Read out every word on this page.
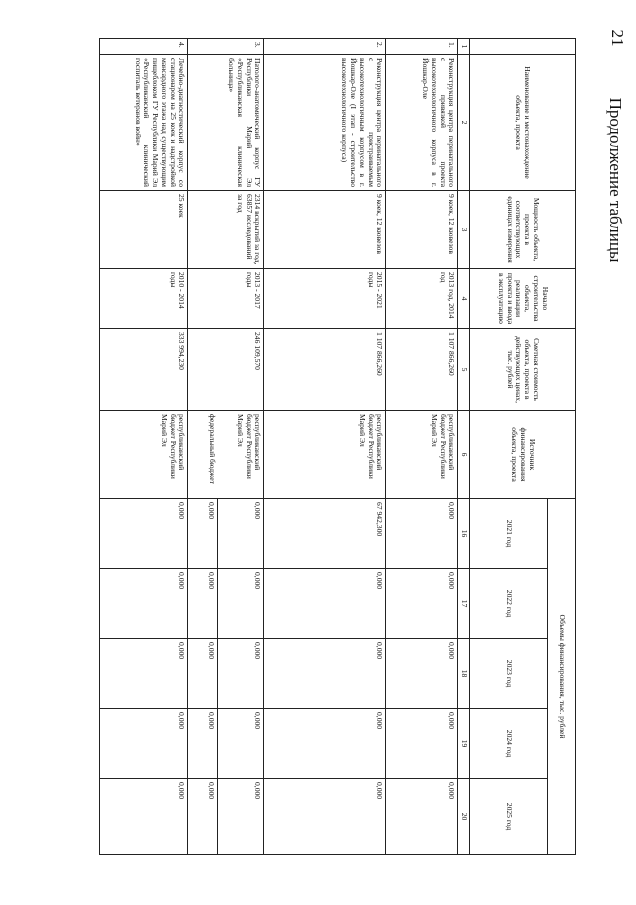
21
Продолжение таблицы
	Наименование и местонахождение объекта, проекта	Мощность объекта, проекта в соответствующих единицах измерения	Начало строительства объекта, реализации проекта и ввода в эксплуатацию	Сметная стоимость объекта, проекта в действующих ценах, тыс. рублей	Источник финансирования объекта, проекта	Объемы финансирования, тыс. рублей				
						2021 год	2022 год	2023 год	2024 год	2025 год
1	2	3	4	5	6	16	17	18	19	20
1.	Реконструкция центра перинатального с привязкой проекта высокотехнологичного корпуса в г. Йошкар-Оле	9 коек, 12 кювезов	2013 год, 2014 год	1 107 866,260	республиканский бюджет Республики Марий Эл	0,000	0,000	0,000	0,000	0,000
2.	Реконструкция центра перинатального с пристраиваемым высокотехнологичным корпусом в г. Йошкар-Оле (I этап - строительство высокотехнологичного корпуса)	9 коек, 12 кювезов	2015 - 2021 годы	1 107 866,260	республиканский бюджет Республики Марий Эл	67 942,300	0,000	0,000	0,000	0,000
3.	Патолого-анатомический корпус ГУ Республики Марий Эл «Республиканская клиническая больница»	2314 вскрытий за год, 63857 исследований за год	2013 - 2017 годы	246 109,570	республиканский бюджет Республики Марий Эл	0,000	0,000	0,000	0,000	0,000
					федеральный бюджет	0,000	0,000	0,000	0,000	0,000
4.	Лечебно-диагностический корпус со стационаром на 25 коек и надстройкой мансардного этажа над существующим пищеблоком ГУ Республики Марий Эл «Республиканский клинический госпиталь ветеранов войн»	25 коек	2010 - 2014 годы	333 994,230	республиканский бюджет Республики Марий Эл	0,000	0,000	0,000	0,000	0,000
